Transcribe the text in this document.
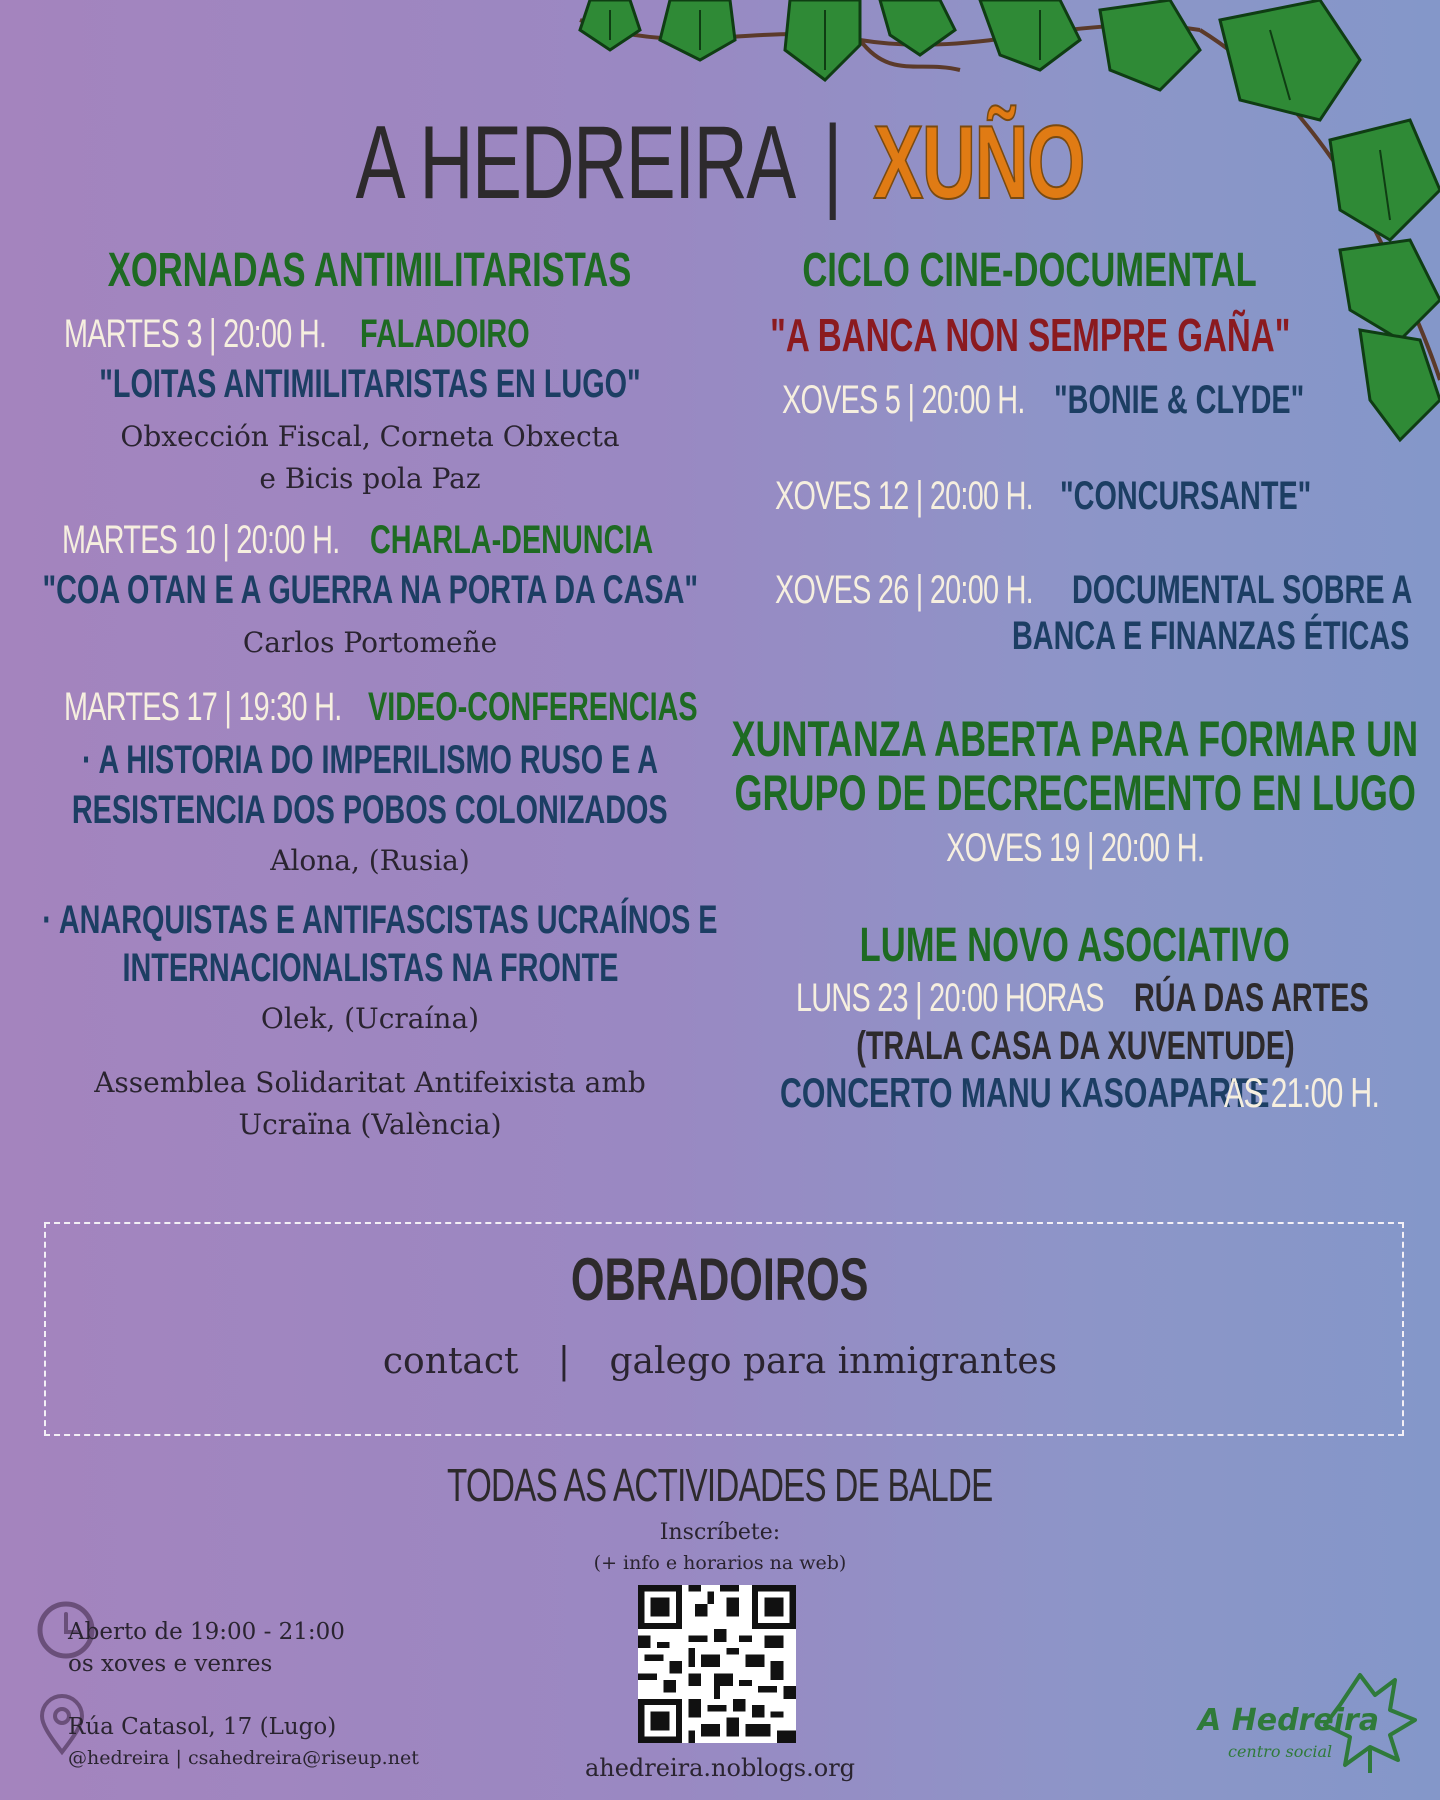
A HEDREIRA | XUÑO
XORNADAS ANTIMILITARISTAS
MARTES 3 | 20:00 H. FALADOIRO
"LOITAS ANTIMILITARISTAS EN LUGO"
Obxección Fiscal, Corneta Obxecta
e Bicis pola Paz
MARTES 10 | 20:00 H. CHARLA-DENUNCIA
"COA OTAN E A GUERRA NA PORTA DA CASA"
Carlos Portomeñe
MARTES 17 | 19:30 H. VIDEO-CONFERENCIAS
· A HISTORIA DO IMPERILISMO RUSO E A
RESISTENCIA DOS POBOS COLONIZADOS
Alona, (Rusia)
· ANARQUISTAS E ANTIFASCISTAS UCRAÍNOS E
INTERNACIONALISTAS NA FRONTE
Olek, (Ucraína)
Assemblea Solidaritat Antifeixista amb
Ucraïna (València)
CICLO CINE-DOCUMENTAL
"A BANCA NON SEMPRE GAÑA"
XOVES 5 | 20:00 H. "BONIE & CLYDE"
XOVES 12 | 20:00 H. "CONCURSANTE"
XOVES 26 | 20:00 H. DOCUMENTAL SOBRE A
BANCA E FINANZAS ÉTICAS
XUNTANZA ABERTA PARA FORMAR UN
GRUPO DE DECRECEMENTO EN LUGO
XOVES 19 | 20:00 H.
LUME NOVO ASOCIATIVO
LUNS 23 | 20:00 HORAS RÚA DAS ARTES
(TRALA CASA DA XUVENTUDE)
CONCERTO MANU KASOAPARTE
AS 21:00 H.
OBRADOIROS
contact | galego para inmigrantes
TODAS AS ACTIVIDADES DE BALDE
Inscríbete:
(+ info e horarios na web)
ahedreira.noblogs.org
Aberto de 19:00 - 21:00
os xoves e venres
Rúa Catasol, 17 (Lugo)
@hedreira | csahedreira@riseup.net
A Hedreira
centro social
